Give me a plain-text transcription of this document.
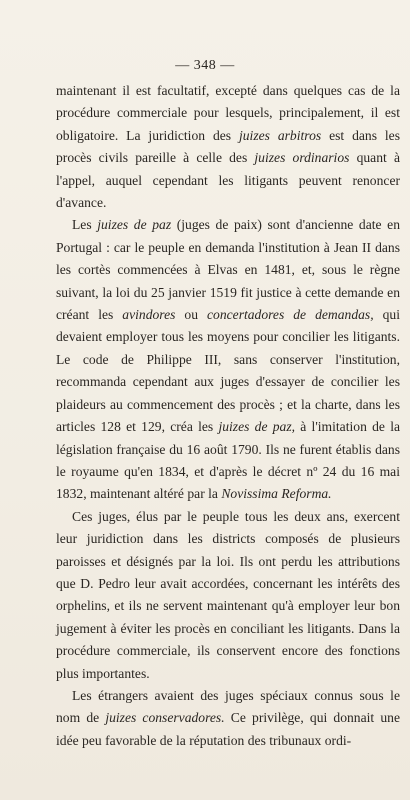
— 348 —

maintenant il est facultatif, excepté dans quelques cas de la procédure commerciale pour lesquels, principalement, il est obligatoire. La juridiction des juizes arbitros est dans les procès civils pareille à celle des juizes ordinarios quant à l'appel, auquel cependant les litigants peuvent renoncer d'avance.

Les juizes de paz (juges de paix) sont d'ancienne date en Portugal : car le peuple en demanda l'institution à Jean II dans les cortès commencées à Elvas en 1481, et, sous le règne suivant, la loi du 25 janvier 1519 fit justice à cette demande en créant les avindores ou concertadores de demandas, qui devaient employer tous les moyens pour concilier les litigants. Le code de Philippe III, sans conserver l'institution, recommanda cependant aux juges d'essayer de concilier les plaideurs au commencement des procès ; et la charte, dans les articles 128 et 129, créa les juizes de paz, à l'imitation de la législation française du 16 août 1790. Ils ne furent établis dans le royaume qu'en 1834, et d'après le décret nº 24 du 16 mai 1832, maintenant altéré par la Novissima Reforma.

Ces juges, élus par le peuple tous les deux ans, exercent leur juridiction dans les districts composés de plusieurs paroisses et désignés par la loi. Ils ont perdu les attributions que D. Pedro leur avait accordées, concernant les intérêts des orphelins, et ils ne servent maintenant qu'à employer leur bon jugement à éviter les procès en conciliant les litigants. Dans la procédure commerciale, ils conservent encore des fonctions plus importantes.

Les étrangers avaient des juges spéciaux connus sous le nom de juizes conservadores. Ce privilège, qui donnait une idée peu favorable de la réputation des tribunaux ordi-
